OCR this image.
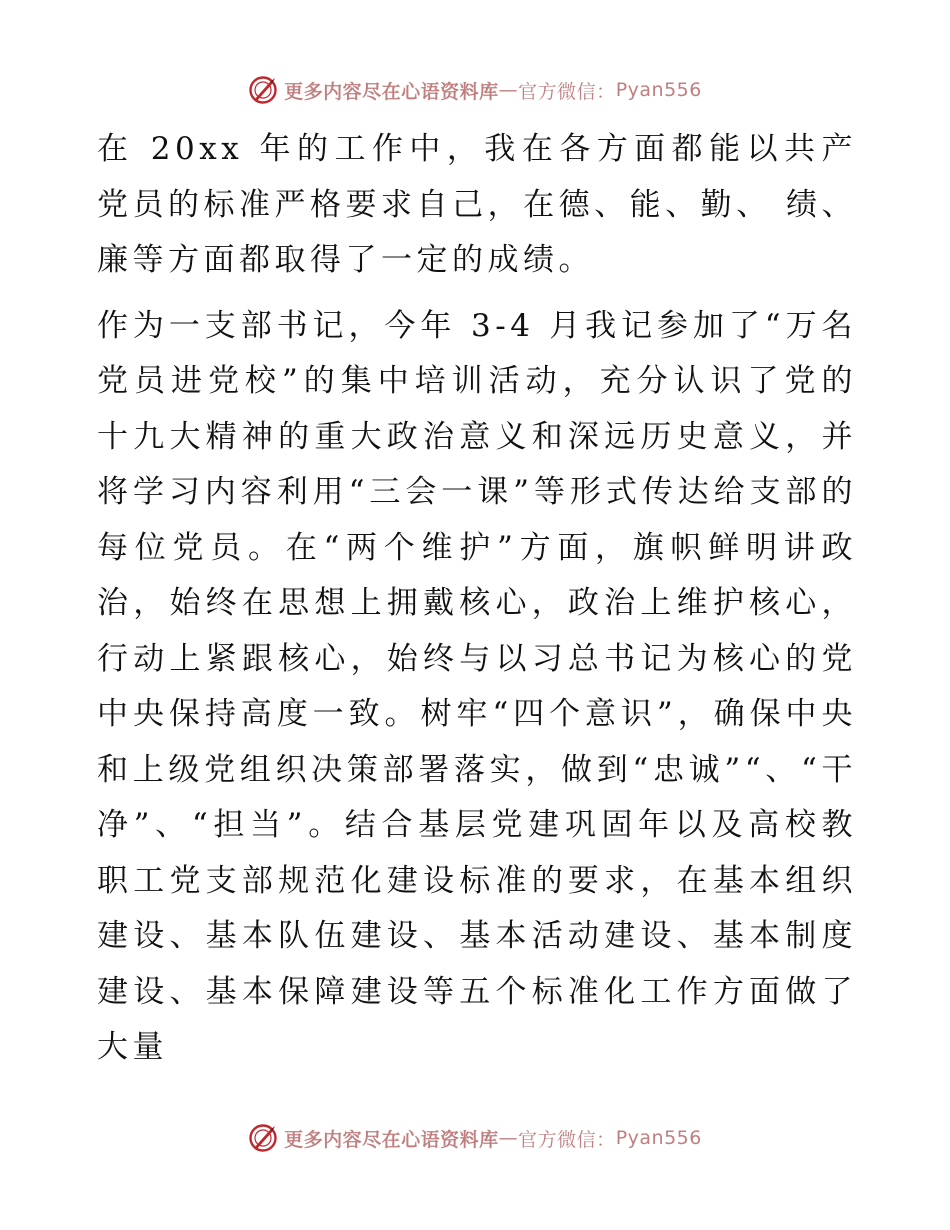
更多内容尽在心语资料库 — 官方微信： Pyan556

在 20xx 年的工作中，我在各方面都能以共产党员的标准严格要求自己，在德、能、勤、 绩、廉等方面都取得了一定的成绩。

作为一支部书记，今年 3-4 月我记参加了“万名党员进党校”的集中培训活动，充分认识了党的十九大精神的重大政治意义和深远历史意义，并将学习内容利用“三会一课”等形式传达给支部的每位党员。在“两个维护”方面，旗帜鲜明讲政治，始终在思想上拥戴核心，政治上维护核心，行动上紧跟核心，始终与以习总书记为核心的党中央保持高度一致。树牢“四个意识”，确保中央和上级党组织决策部署落实，做到“忠诚”“、“干净”、“担当”。结合基层党建巩固年以及高校教职工党支部规范化建设标准的要求，在基本组织建设、基本队伍建设、基本活动建设、基本制度建设、基本保障建设等五个标准化工作方面做了大量

更多内容尽在心语资料库 — 官方微信： Pyan556
